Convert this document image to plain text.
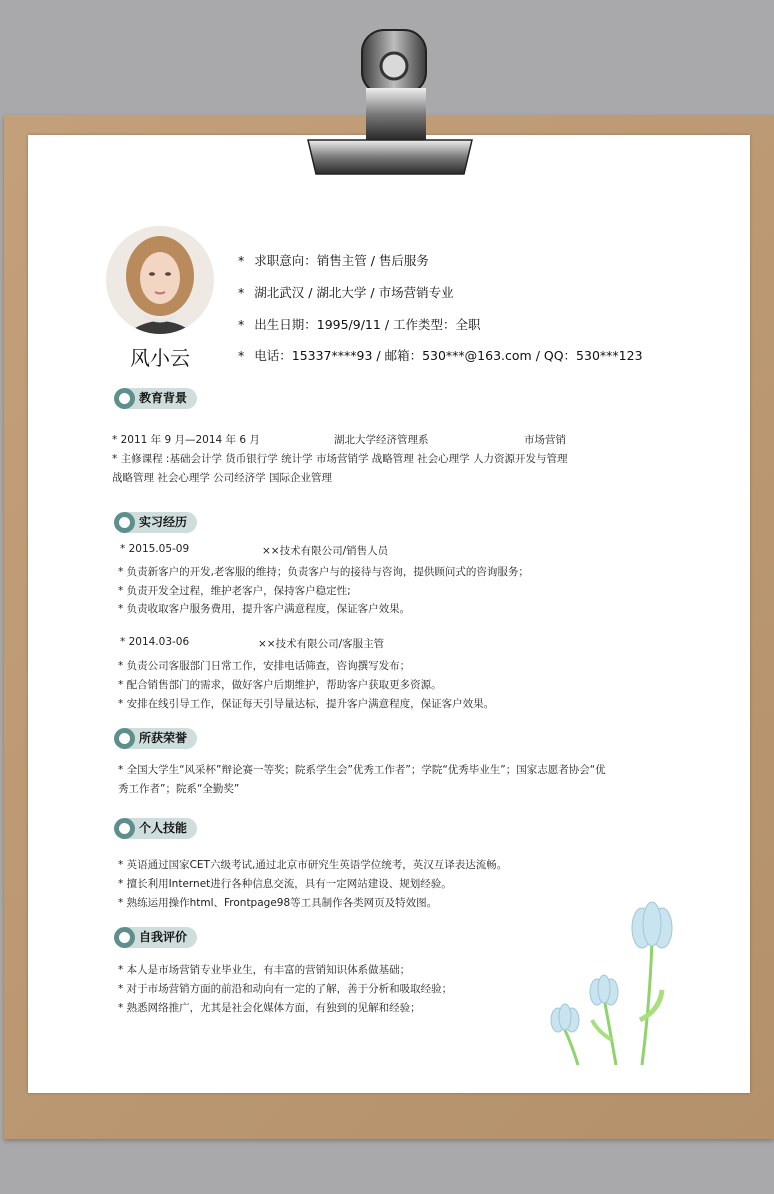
风小云
* 求职意向：销售主管 / 售后服务
* 湖北武汉 / 湖北大学 / 市场营销专业
* 出生日期：1995/9/11 / 工作类型：全职
* 电话：15337****93 / 邮箱：530***@163.com / QQ：530***123
教育背景
* 2011 年 9 月—2014 年 6 月	湖北大学经济管理系	市场营销
* 主修课程 :基础会计学 货币银行学 统计学 市场营销学 战略管理 社会心理学 人力资源开发与管理
战略管理 社会心理学 公司经济学 国际企业管理
实习经历
* 2015.05-09	××技术有限公司/销售人员
* 负责新客户的开发,老客服的维持；负责客户与的接待与咨询，提供顾问式的咨询服务；
* 负责开发全过程，维护老客户，保持客户稳定性;
* 负责收取客户服务费用，提升客户满意程度，保证客户效果。
* 2014.03-06	××技术有限公司/客服主管
* 负责公司客服部门日常工作，安排电话筛查，咨询撰写发布；
* 配合销售部门的需求，做好客户后期维护，帮助客户获取更多资源。
* 安排在线引导工作，保证每天引导量达标，提升客户满意程度，保证客户效果。
所获荣誉
* 全国大学生“风采杯”辩论赛一等奖；院系学生会”优秀工作者”；学院“优秀毕业生”；国家志愿者协会“优
秀工作者”；院系“全勤奖”
个人技能
* 英语通过国家CET六级考试,通过北京市研究生英语学位统考，英汉互译表达流畅。
* 擅长利用Internet进行各种信息交流，具有一定网站建设、规划经验。
* 熟练运用操作html、Frontpage98等工具制作各类网页及特效图。
自我评价
* 本人是市场营销专业毕业生，有丰富的营销知识体系做基础；
* 对于市场营销方面的前沿和动向有一定的了解，善于分析和吸取经验；
* 熟悉网络推广，尤其是社会化媒体方面，有独到的见解和经验；
